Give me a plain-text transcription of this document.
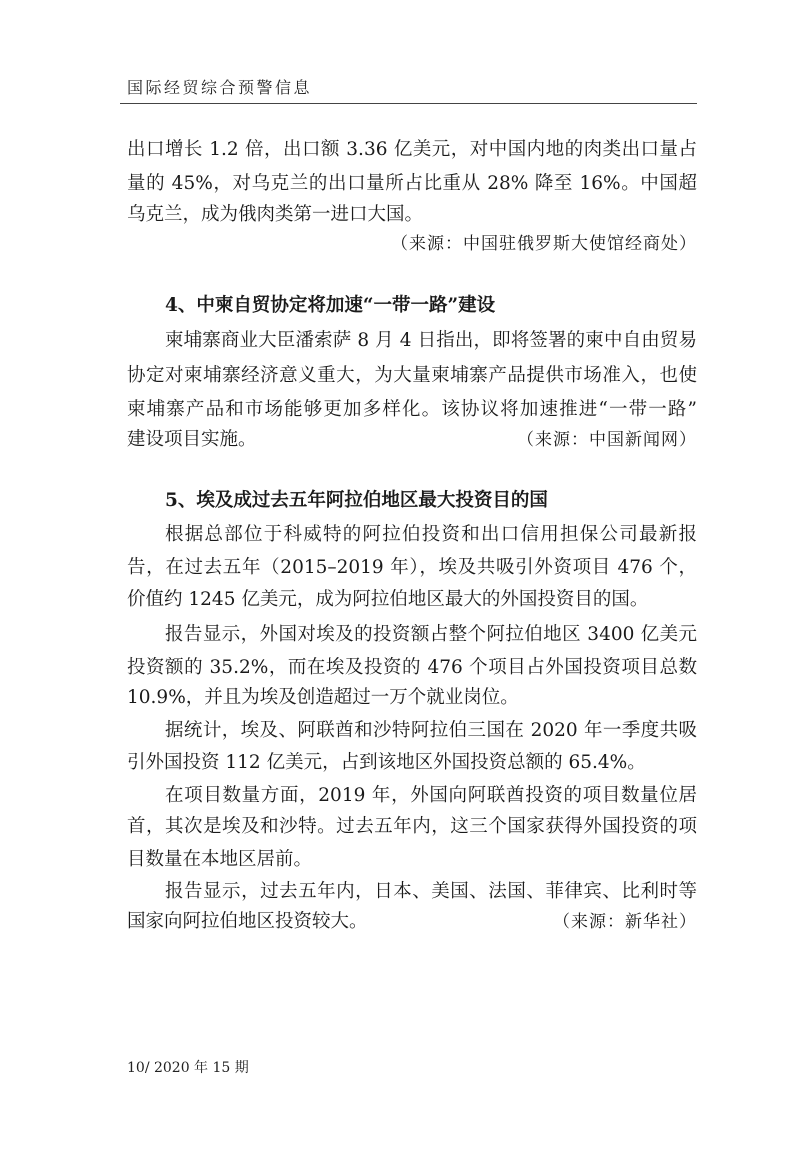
国际经贸综合预警信息
出口增长 1.2 倍，出口额 3.36 亿美元，对中国内地的肉类出口量占
量的 45%，对乌克兰的出口量所占比重从 28% 降至 16%。中国超
乌克兰，成为俄肉类第一进口大国。
（来源：中国驻俄罗斯大使馆经商处）
4、中柬自贸协定将加速“一带一路”建设
柬埔寨商业大臣潘索萨 8 月 4 日指出，即将签署的柬中自由贸易
协定对柬埔寨经济意义重大，为大量柬埔寨产品提供市场准入，也使
柬埔寨产品和市场能够更加多样化。该协议将加速推进“一带一路”
建设项目实施。	（来源：中国新闻网）
5、埃及成过去五年阿拉伯地区最大投资目的国
根据总部位于科威特的阿拉伯投资和出口信用担保公司最新报
告，在过去五年（2015–2019 年），埃及共吸引外资项目 476 个，
价值约 1245 亿美元，成为阿拉伯地区最大的外国投资目的国。
报告显示，外国对埃及的投资额占整个阿拉伯地区 3400 亿美元
投资额的 35.2%，而在埃及投资的 476 个项目占外国投资项目总数
10.9%，并且为埃及创造超过一万个就业岗位。
据统计，埃及、阿联酋和沙特阿拉伯三国在 2020 年一季度共吸
引外国投资 112 亿美元，占到该地区外国投资总额的 65.4%。
在项目数量方面，2019 年，外国向阿联酋投资的项目数量位居
首，其次是埃及和沙特。过去五年内，这三个国家获得外国投资的项
目数量在本地区居前。
报告显示，过去五年内，日本、美国、法国、菲律宾、比利时等
国家向阿拉伯地区投资较大。	（来源：新华社）
10/ 2020 年 15 期
